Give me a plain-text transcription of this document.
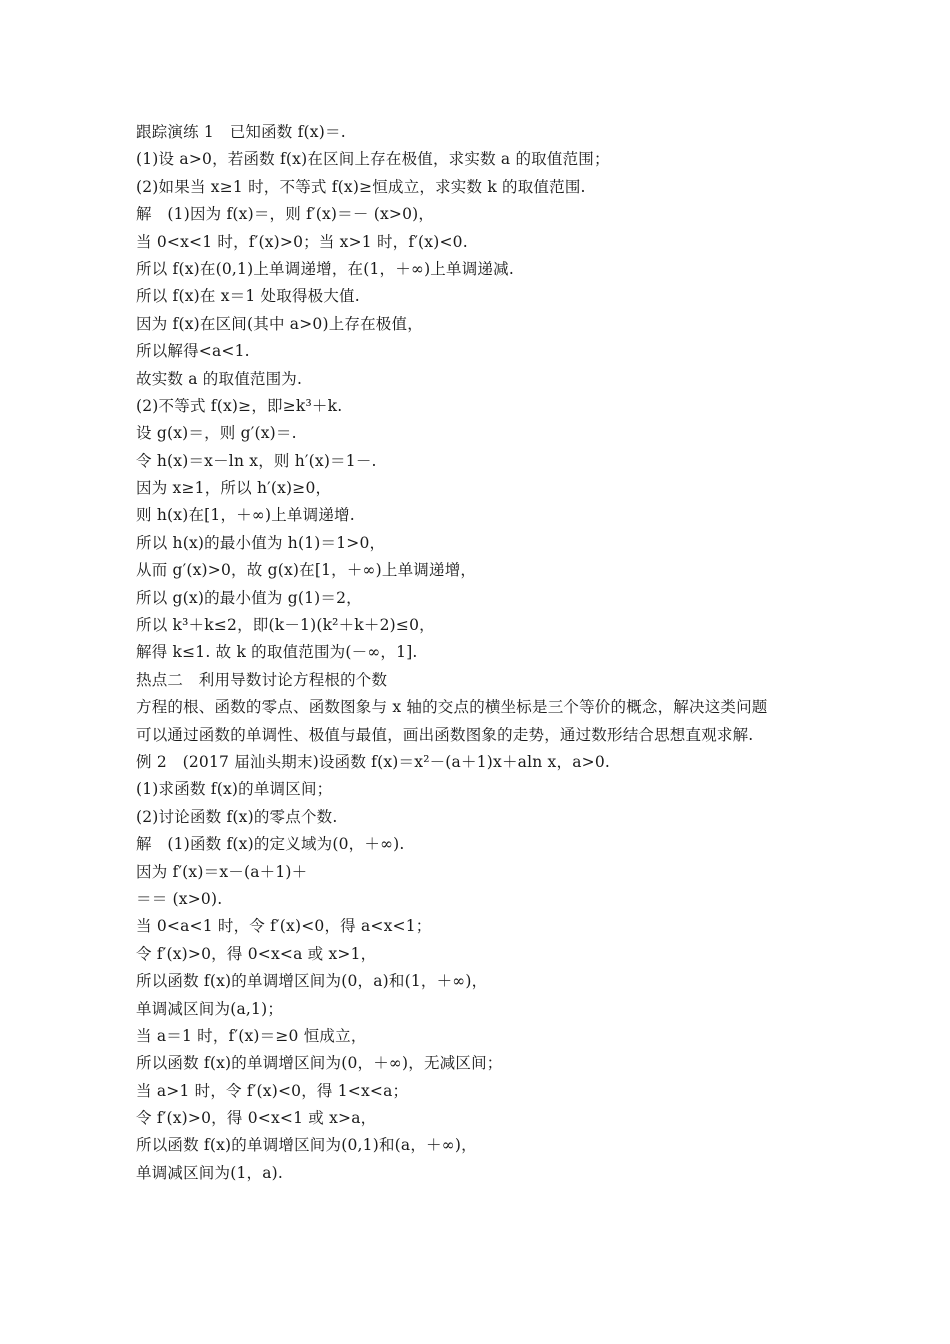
跟踪演练 1　已知函数 f(x)＝.
(1)设 a>0，若函数 f(x)在区间上存在极值，求实数 a 的取值范围；
(2)如果当 x≥1 时，不等式 f(x)≥恒成立，求实数 k 的取值范围.
解　(1)因为 f(x)＝，则 f′(x)＝－ (x>0)，
当 0<x<1 时，f′(x)>0；当 x>1 时，f′(x)<0.
所以 f(x)在(0,1)上单调递增，在(1，＋∞)上单调递减.
所以 f(x)在 x＝1 处取得极大值.
因为 f(x)在区间(其中 a>0)上存在极值，
所以解得<a<1.
故实数 a 的取值范围为.
(2)不等式 f(x)≥，即≥k³＋k.
设 g(x)＝，则 g′(x)＝.
令 h(x)＝x－ln x，则 h′(x)＝1－.
因为 x≥1，所以 h′(x)≥0，
则 h(x)在[1，＋∞)上单调递增.
所以 h(x)的最小值为 h(1)＝1>0，
从而 g′(x)>0，故 g(x)在[1，＋∞)上单调递增，
所以 g(x)的最小值为 g(1)＝2，
所以 k³＋k≤2，即(k－1)(k²＋k＋2)≤0，
解得 k≤1. 故 k 的取值范围为(－∞，1].
热点二　利用导数讨论方程根的个数
方程的根、函数的零点、函数图象与 x 轴的交点的横坐标是三个等价的概念，解决这类问题
可以通过函数的单调性、极值与最值，画出函数图象的走势，通过数形结合思想直观求解.
例 2　(2017 届汕头期末)设函数 f(x)＝x²－(a＋1)x＋aln x，a>0.
(1)求函数 f(x)的单调区间；
(2)讨论函数 f(x)的零点个数.
解　(1)函数 f(x)的定义域为(0，＋∞).
因为 f′(x)＝x－(a＋1)＋
＝＝ (x>0).
当 0<a<1 时，令 f′(x)<0，得 a<x<1；
令 f′(x)>0，得 0<x<a 或 x>1，
所以函数 f(x)的单调增区间为(0，a)和(1，＋∞)，
单调减区间为(a,1)；
当 a＝1 时，f′(x)＝≥0 恒成立，
所以函数 f(x)的单调增区间为(0，＋∞)，无减区间；
当 a>1 时，令 f′(x)<0，得 1<x<a；
令 f′(x)>0，得 0<x<1 或 x>a，
所以函数 f(x)的单调增区间为(0,1)和(a，＋∞)，
单调减区间为(1，a).
